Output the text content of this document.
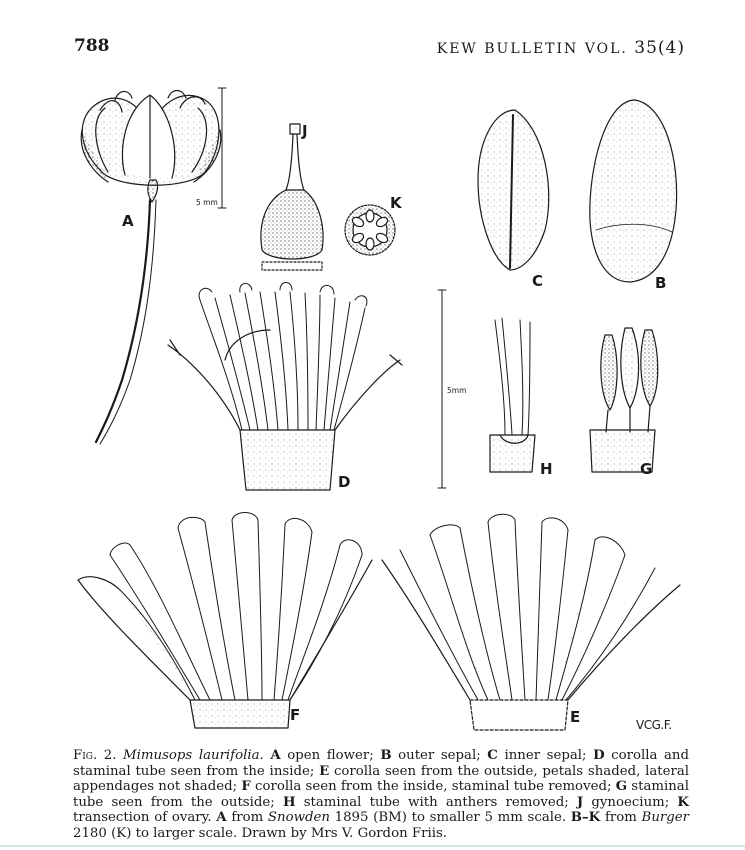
788	KEW BULLETIN VOL. 35(4)
A
B
C
D
E
F
G
H
J
K
5 mm
5mm
VCG.F.
Fig. 2. Mimusops laurifolia. A open flower; B outer sepal; C inner sepal; D corolla and staminal tube seen from the inside; E corolla seen from the outside, petals shaded, lateral appendages not shaded; F corolla seen from the inside, staminal tube removed; G staminal tube seen from the outside; H staminal tube with anthers removed; J gynoecium; K transection of ovary. A from Snowden 1895 (BM) to smaller 5 mm scale. B–K from Burger 2180 (K) to larger scale. Drawn by Mrs V. Gordon Friis.
